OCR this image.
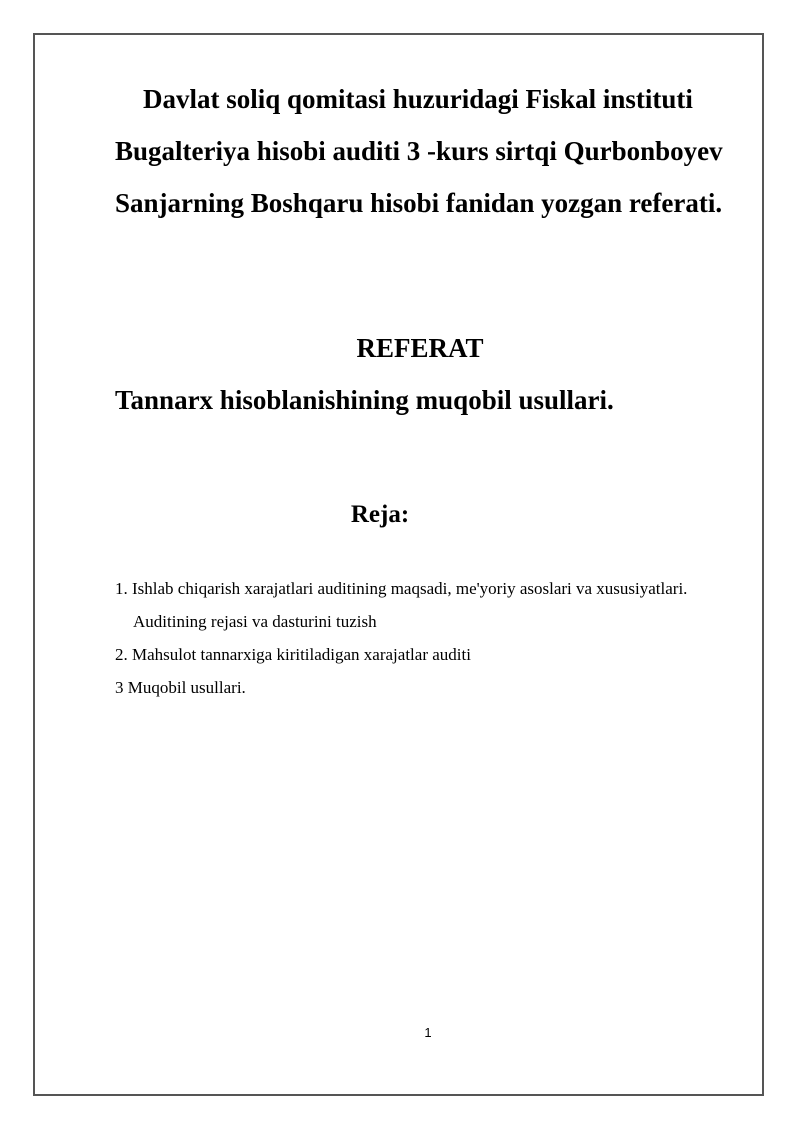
Davlat soliq qomitasi huzuridagi Fiskal instituti Bugalteriya hisobi auditi 3 -kurs sirtqi Qurbonboyev Sanjarning Boshqaru hisobi fanidan yozgan referati.

REFERAT
Tannarx hisoblanishining muqobil usullari.
Reja:
1. Ishlab chiqarish xarajatlari auditining maqsadi, me'yoriy asoslari va xususiyatlari. Auditining rejasi va dasturini tuzish
2. Mahsulot tannarxiga kiritiladigan xarajatlar auditi
3 Muqobil usullari.
1
